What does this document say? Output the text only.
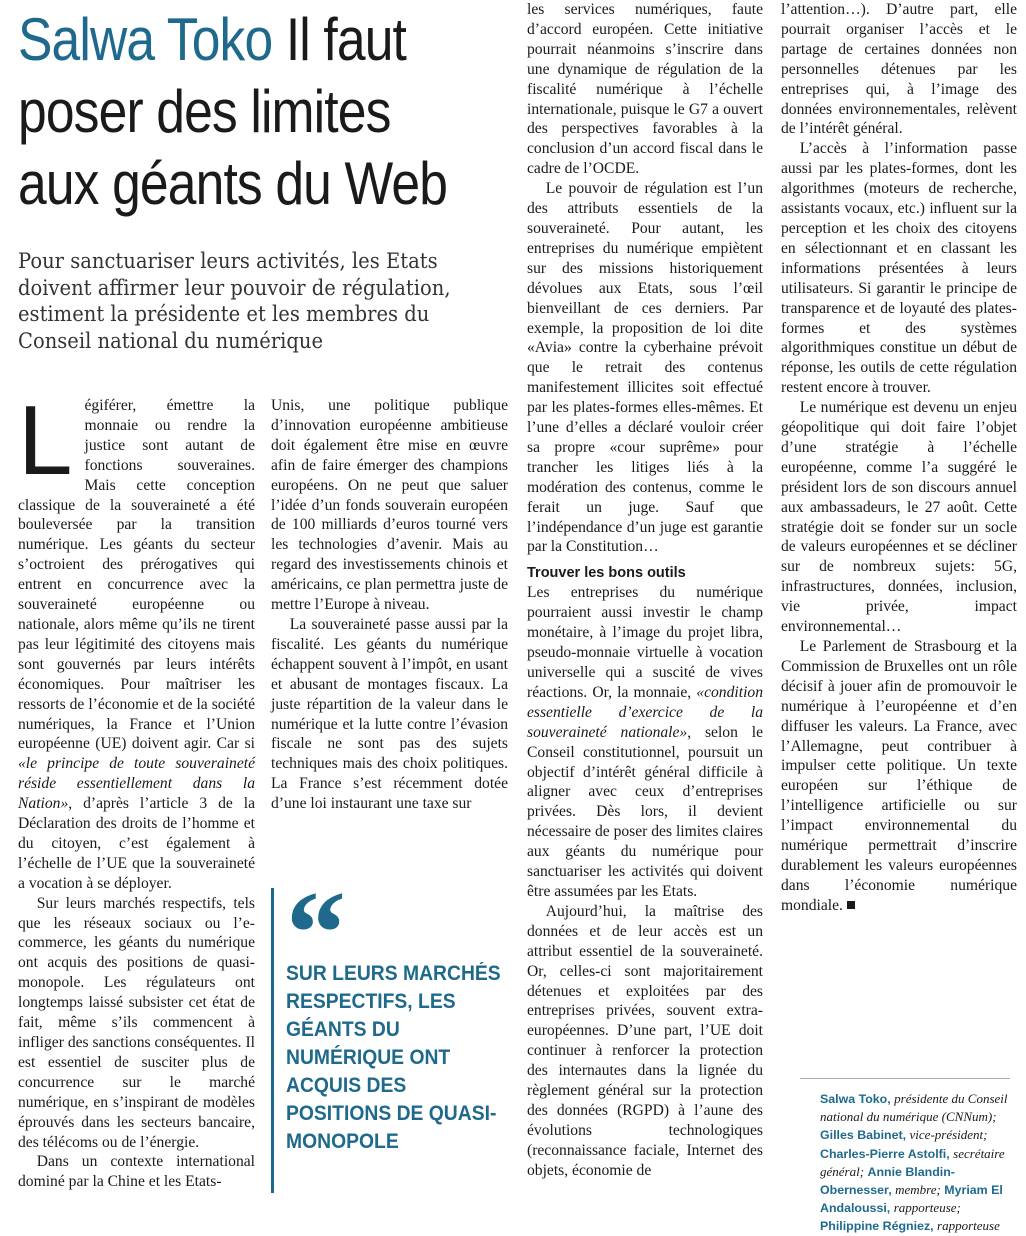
Salwa Toko Il faut poser des limites aux géants du Web

Pour sanctuariser leurs activités, les Etats doivent affirmer leur pouvoir de régulation, estiment la présidente et les membres du Conseil national du numérique

Légiférer, émettre la monnaie ou rendre la justice sont autant de fonctions souveraines. Mais cette conception classique de la souveraineté a été bouleversée par la transition numérique. Les géants du secteur s’octroient des prérogatives qui entrent en concurrence avec la souveraineté européenne ou nationale, alors même qu’ils ne tirent pas leur légitimité des citoyens mais sont gouvernés par leurs intérêts économiques. Pour maîtriser les ressorts de l’économie et de la société numériques, la France et l’Union européenne (UE) doivent agir. Car si «le principe de toute souveraineté réside essentiellement dans la Nation», d’après l’article 3 de la Déclaration des droits de l’homme et du citoyen, c’est également à l’échelle de l’UE que la souveraineté a vocation à se déployer.

Sur leurs marchés respectifs, tels que les réseaux sociaux ou l’e-commerce, les géants du numérique ont acquis des positions de quasi-monopole. Les régulateurs ont longtemps laissé subsister cet état de fait, même s’ils commencent à infliger des sanctions conséquentes. Il est essentiel de susciter plus de concurrence sur le marché numérique, en s’inspirant de modèles éprouvés dans les secteurs bancaire, des télécoms ou de l’énergie.

Dans un contexte international dominé par la Chine et les Etats-

Unis, une politique publique d’innovation européenne ambitieuse doit également être mise en œuvre afin de faire émerger des champions européens. On ne peut que saluer l’idée d’un fonds souverain européen de 100 milliards d’euros tourné vers les technologies d’avenir. Mais au regard des investissements chinois et américains, ce plan permettra juste de mettre l’Europe à niveau.

La souveraineté passe aussi par la fiscalité. Les géants du numérique échappent souvent à l’impôt, en usant et abusant de montages fiscaux. La juste répartition de la valeur dans le numérique et la lutte contre l’évasion fiscale ne sont pas des sujets techniques mais des choix politiques. La France s’est récemment dotée d’une loi instaurant une taxe sur

“
SUR LEURS MARCHÉS RESPECTIFS, LES GÉANTS DU NUMÉRIQUE ONT ACQUIS DES POSITIONS DE QUASI-MONOPOLE

les services numériques, faute d’accord européen. Cette initiative pourrait néanmoins s’inscrire dans une dynamique de régulation de la fiscalité numérique à l’échelle internationale, puisque le G7 a ouvert des perspectives favorables à la conclusion d’un accord fiscal dans le cadre de l’OCDE.

Le pouvoir de régulation est l’un des attributs essentiels de la souveraineté. Pour autant, les entreprises du numérique empiètent sur des missions historiquement dévolues aux Etats, sous l’œil bienveillant de ces derniers. Par exemple, la proposition de loi dite «Avia» contre la cyberhaine prévoit que le retrait des contenus manifestement illicites soit effectué par les plates-formes elles-mêmes. Et l’une d’elles a déclaré vouloir créer sa propre «cour suprême» pour trancher les litiges liés à la modération des contenus, comme le ferait un juge. Sauf que l’indépendance d’un juge est garantie par la Constitution…

Trouver les bons outils

Les entreprises du numérique pourraient aussi investir le champ monétaire, à l’image du projet libra, pseudo-monnaie virtuelle à vocation universelle qui a suscité de vives réactions. Or, la monnaie, «condition essentielle d’exercice de la souveraineté nationale», selon le Conseil constitutionnel, poursuit un objectif d’intérêt général difficile à aligner avec ceux d’entreprises privées. Dès lors, il devient nécessaire de poser des limites claires aux géants du numérique pour sanctuariser les activités qui doivent être assumées par les Etats.

Aujourd’hui, la maîtrise des données et de leur accès est un attribut essentiel de la souveraineté. Or, celles-ci sont majoritairement détenues et exploitées par des entreprises privées, souvent extra-européennes. D’une part, l’UE doit continuer à renforcer la protection des internautes dans la lignée du règlement général sur la protection des données (RGPD) à l’aune des évolutions technologiques (reconnaissance faciale, Internet des objets, économie de

l’attention…). D’autre part, elle pourrait organiser l’accès et le partage de certaines données non personnelles détenues par les entreprises qui, à l’image des données environnementales, relèvent de l’intérêt général.

L’accès à l’information passe aussi par les plates-formes, dont les algorithmes (moteurs de recherche, assistants vocaux, etc.) influent sur la perception et les choix des citoyens en sélectionnant et en classant les informations présentées à leurs utilisateurs. Si garantir le principe de transparence et de loyauté des plates-formes et des systèmes algorithmiques constitue un début de réponse, les outils de cette régulation restent encore à trouver.

Le numérique est devenu un enjeu géopolitique qui doit faire l’objet d’une stratégie à l’échelle européenne, comme l’a suggéré le président lors de son discours annuel aux ambassadeurs, le 27 août. Cette stratégie doit se fonder sur un socle de valeurs européennes et se décliner sur de nombreux sujets: 5G, infrastructures, données, inclusion, vie privée, impact environnemental…

Le Parlement de Strasbourg et la Commission de Bruxelles ont un rôle décisif à jouer afin de promouvoir le numérique à l’européenne et d’en diffuser les valeurs. La France, avec l’Allemagne, peut contribuer à impulser cette politique. Un texte européen sur l’éthique de l’intelligence artificielle ou sur l’impact environnemental du numérique permettrait d’inscrire durablement les valeurs européennes dans l’économie numérique mondiale.

Salwa Toko, présidente du Conseil national du numérique (CNNum); Gilles Babinet, vice-président; Charles-Pierre Astolfi, secrétaire général; Annie Blandin-Obernesser, membre; Myriam El Andaloussi, rapporteuse; Philippine Régniez, rapporteuse
